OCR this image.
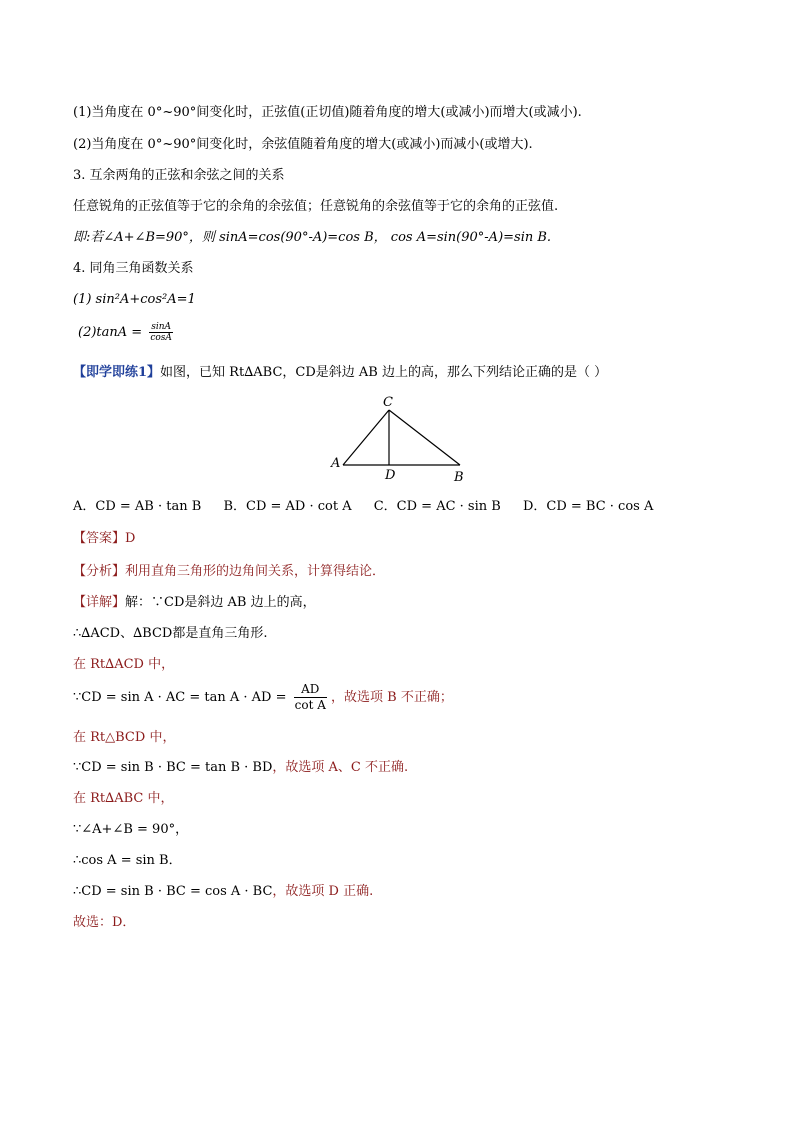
(1)当角度在 0°~90°间变化时，正弦值(正切值)随着角度的增大(或减小)而增大(或减小).
(2)当角度在 0°~90°间变化时，余弦值随着角度的增大(或减小)而减小(或增大).
3. 互余两角的正弦和余弦之间的关系
任意锐角的正弦值等于它的余角的余弦值；任意锐角的余弦值等于它的余角的正弦值.
即:若∠A+∠B=90°，则 sinA=cos(90°-A)=cos B， cos A=sin(90°-A)=sin B.
4. 同角三角函数关系
(1) sin²A+cos²A=1
$(2)\tan A = \frac{\sin A}{\cos A}$
【即学即练1】如图，已知 Rt∆ABC，CD是斜边 AB 边上的高，那么下列结论正确的是（ ）
C
A
D	B
A．CD = AB · tan B B．CD = AD · cot A C．CD = AC · sin B D．CD = BC · cos A
【答案】D
【分析】利用直角三角形的边角间关系，计算得结论．
【详解】解：∵CD是斜边 AB 边上的高，
∴∆ACD、∆BCD都是直角三角形.
在 Rt∆ACD 中，
∵CD = sin A · AC = tan A · AD = $\frac{AD}{\text{cot A}}$ ，故选项 B 不正确；
在 Rt△BCD 中，
∵CD = sin B · BC = tan B · BD，故选项 A、C 不正确.
在 Rt∆ABC 中，
∵∠A+∠B = 90°，
∴cos A = sin B．
∴CD = sin B · BC = cos A · BC，故选项 D 正确.
故选：D．
